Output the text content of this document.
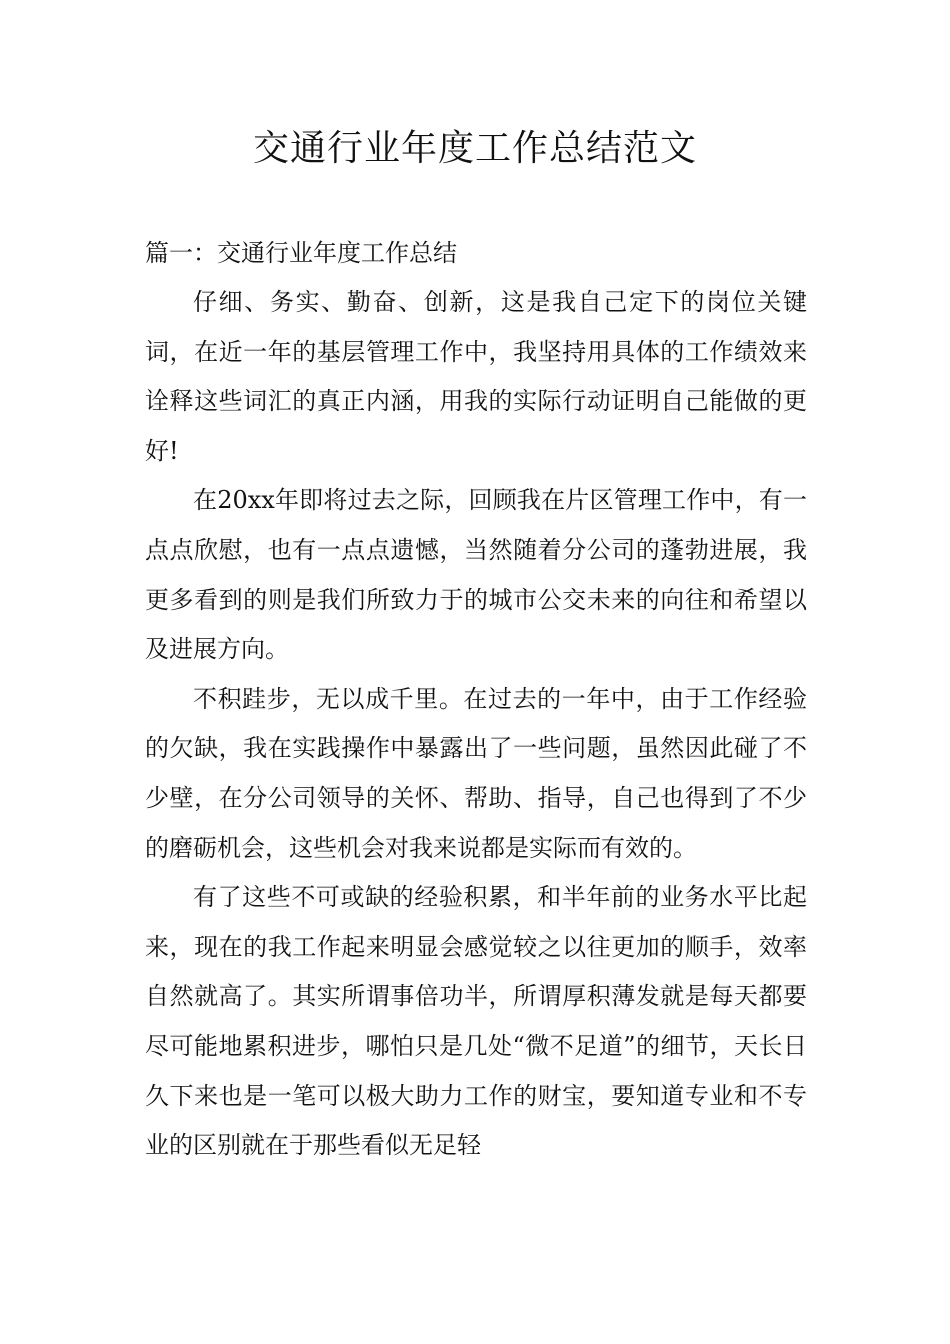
交通行业年度工作总结范文
篇一：交通行业年度工作总结

仔细、务实、勤奋、创新，这是我自己定下的岗位关键词，在近一年的基层管理工作中，我坚持用具体的工作绩效来诠释这些词汇的真正内涵，用我的实际行动证明自己能做的更好!

在20xx年即将过去之际，回顾我在片区管理工作中，有一点点欣慰，也有一点点遗憾，当然随着分公司的蓬勃进展，我更多看到的则是我们所致力于的城市公交未来的向往和希望以及进展方向。

不积跬步，无以成千里。在过去的一年中，由于工作经验的欠缺，我在实践操作中暴露出了一些问题，虽然因此碰了不少壁，在分公司领导的关怀、帮助、指导，自己也得到了不少的磨砺机会，这些机会对我来说都是实际而有效的。

有了这些不可或缺的经验积累，和半年前的业务水平比起来，现在的我工作起来明显会感觉较之以往更加的顺手，效率自然就高了。其实所谓事倍功半，所谓厚积薄发就是每天都要尽可能地累积进步，哪怕只是几处“微不足道”的细节，天长日久下来也是一笔可以极大助力工作的财宝，要知道专业和不专业的区别就在于那些看似无足轻
